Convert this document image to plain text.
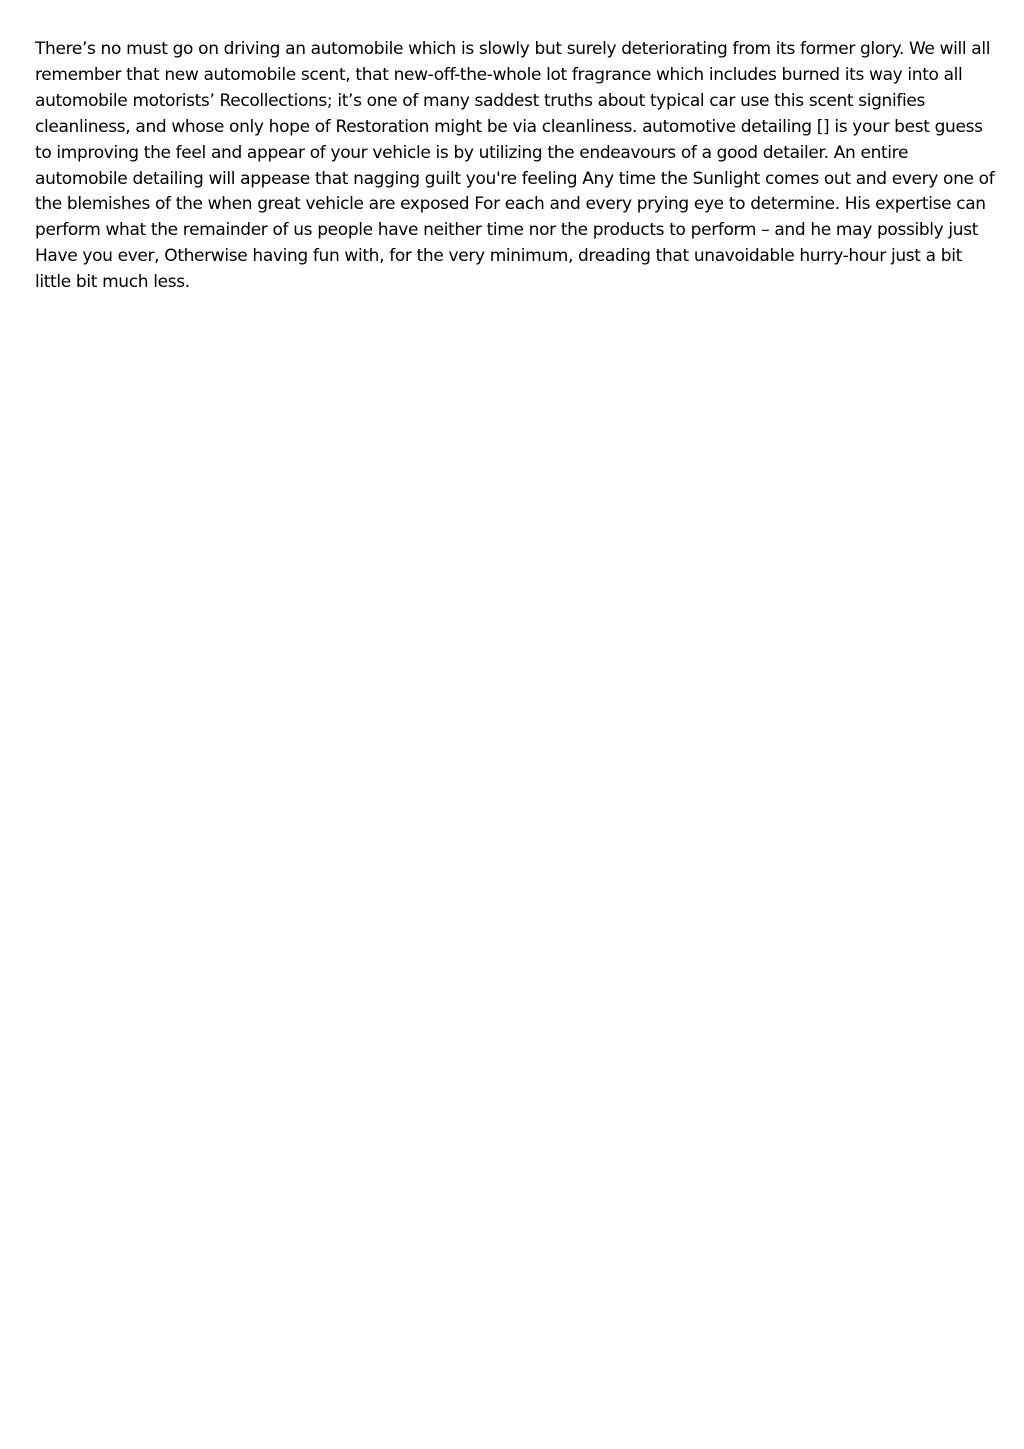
There’s no must go on driving an automobile which is slowly but surely deteriorating from its former glory. We will all remember that new automobile scent, that new-off-the-whole lot fragrance which includes burned its way into all automobile motorists’ Recollections; it’s one of many saddest truths about typical car use this scent signifies cleanliness, and whose only hope of Restoration might be via cleanliness. automotive detailing [] is your best guess to improving the feel and appear of your vehicle is by utilizing the endeavours of a good detailer. An entire automobile detailing will appease that nagging guilt you're feeling Any time the Sunlight comes out and every one of the blemishes of the when great vehicle are exposed For each and every prying eye to determine. His expertise can perform what the remainder of us people have neither time nor the products to perform – and he may possibly just Have you ever, Otherwise having fun with, for the very minimum, dreading that unavoidable hurry-hour just a bit little bit much less.
